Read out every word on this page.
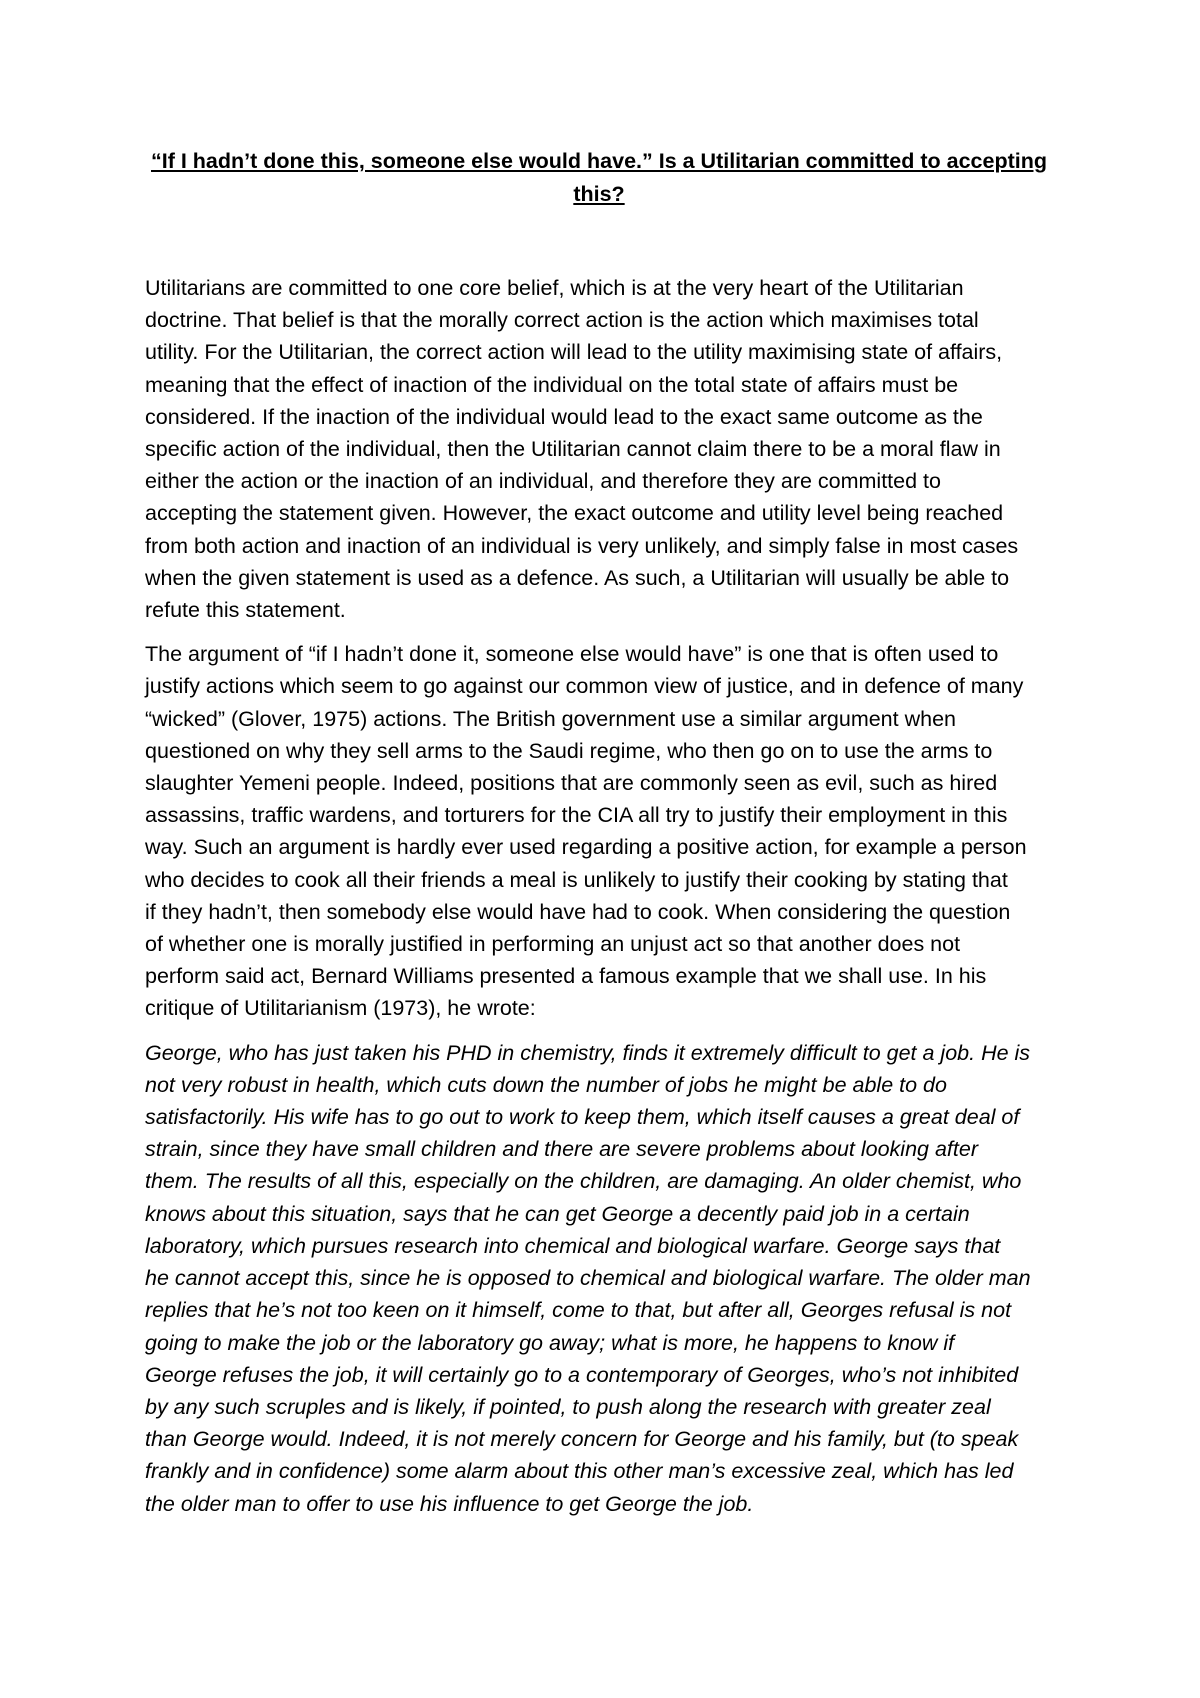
“If I hadn’t done this, someone else would have.” Is a Utilitarian committed to accepting
this?

Utilitarians are committed to one core belief, which is at the very heart of the Utilitarian
doctrine. That belief is that the morally correct action is the action which maximises total
utility. For the Utilitarian, the correct action will lead to the utility maximising state of affairs,
meaning that the effect of inaction of the individual on the total state of affairs must be
considered. If the inaction of the individual would lead to the exact same outcome as the
specific action of the individual, then the Utilitarian cannot claim there to be a moral flaw in
either the action or the inaction of an individual, and therefore they are committed to
accepting the statement given. However, the exact outcome and utility level being reached
from both action and inaction of an individual is very unlikely, and simply false in most cases
when the given statement is used as a defence. As such, a Utilitarian will usually be able to
refute this statement.

The argument of “if I hadn’t done it, someone else would have” is one that is often used to
justify actions which seem to go against our common view of justice, and in defence of many
“wicked” (Glover, 1975) actions. The British government use a similar argument when
questioned on why they sell arms to the Saudi regime, who then go on to use the arms to
slaughter Yemeni people. Indeed, positions that are commonly seen as evil, such as hired
assassins, traffic wardens, and torturers for the CIA all try to justify their employment in this
way. Such an argument is hardly ever used regarding a positive action, for example a person
who decides to cook all their friends a meal is unlikely to justify their cooking by stating that
if they hadn’t, then somebody else would have had to cook. When considering the question
of whether one is morally justified in performing an unjust act so that another does not
perform said act, Bernard Williams presented a famous example that we shall use. In his
critique of Utilitarianism (1973), he wrote:

George, who has just taken his PHD in chemistry, finds it extremely difficult to get a job. He is
not very robust in health, which cuts down the number of jobs he might be able to do
satisfactorily. His wife has to go out to work to keep them, which itself causes a great deal of
strain, since they have small children and there are severe problems about looking after
them. The results of all this, especially on the children, are damaging. An older chemist, who
knows about this situation, says that he can get George a decently paid job in a certain
laboratory, which pursues research into chemical and biological warfare. George says that
he cannot accept this, since he is opposed to chemical and biological warfare. The older man
replies that he’s not too keen on it himself, come to that, but after all, Georges refusal is not
going to make the job or the laboratory go away; what is more, he happens to know if
George refuses the job, it will certainly go to a contemporary of Georges, who’s not inhibited
by any such scruples and is likely, if pointed, to push along the research with greater zeal
than George would. Indeed, it is not merely concern for George and his family, but (to speak
frankly and in confidence) some alarm about this other man’s excessive zeal, which has led
the older man to offer to use his influence to get George the job.
